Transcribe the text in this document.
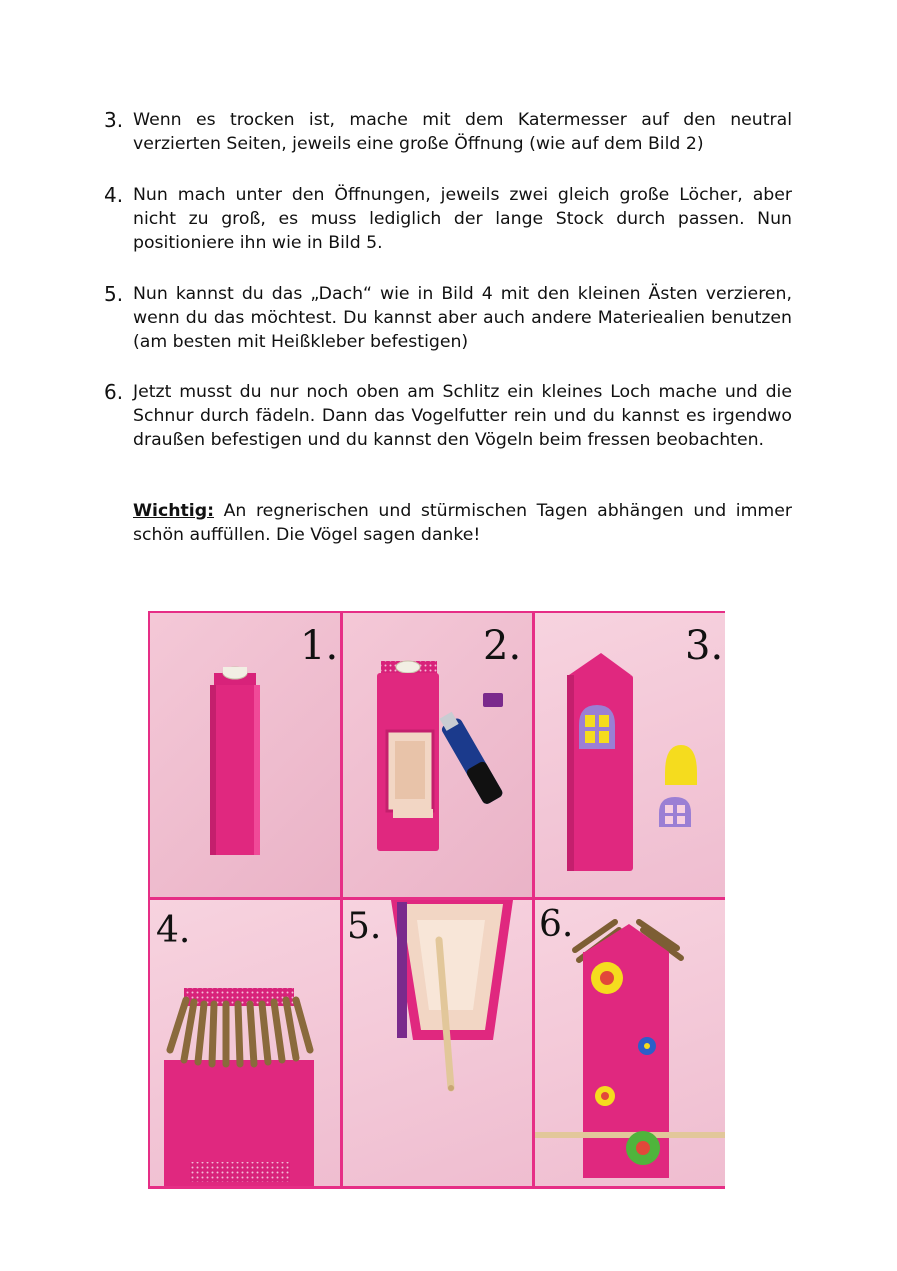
3. Wenn es trocken ist, mache mit dem Katermesser auf den neutral verzierten Seiten, jeweils eine große Öffnung (wie auf dem Bild 2)
4. Nun mach unter den Öffnungen, jeweils zwei gleich große Löcher, aber nicht zu groß, es muss lediglich der lange Stock durch passen. Nun positioniere ihn wie in Bild 5.
5. Nun kannst du das „Dach“ wie in Bild 4 mit den kleinen Ästen verzieren, wenn du das möchtest. Du kannst aber auch andere Materiealien benutzen (am besten mit Heißkleber befestigen)
6. Jetzt musst du nur noch oben am Schlitz ein kleines Loch mache und die Schnur durch fädeln. Dann das Vogelfutter rein und du kannst es irgendwo draußen befestigen und du kannst den Vögeln beim fressen beobachten.
Wichtig: An regnerischen und stürmischen Tagen abhängen und immer schön auffüllen. Die Vögel sagen danke!
1.	2.	3.
4.	5.	6.
